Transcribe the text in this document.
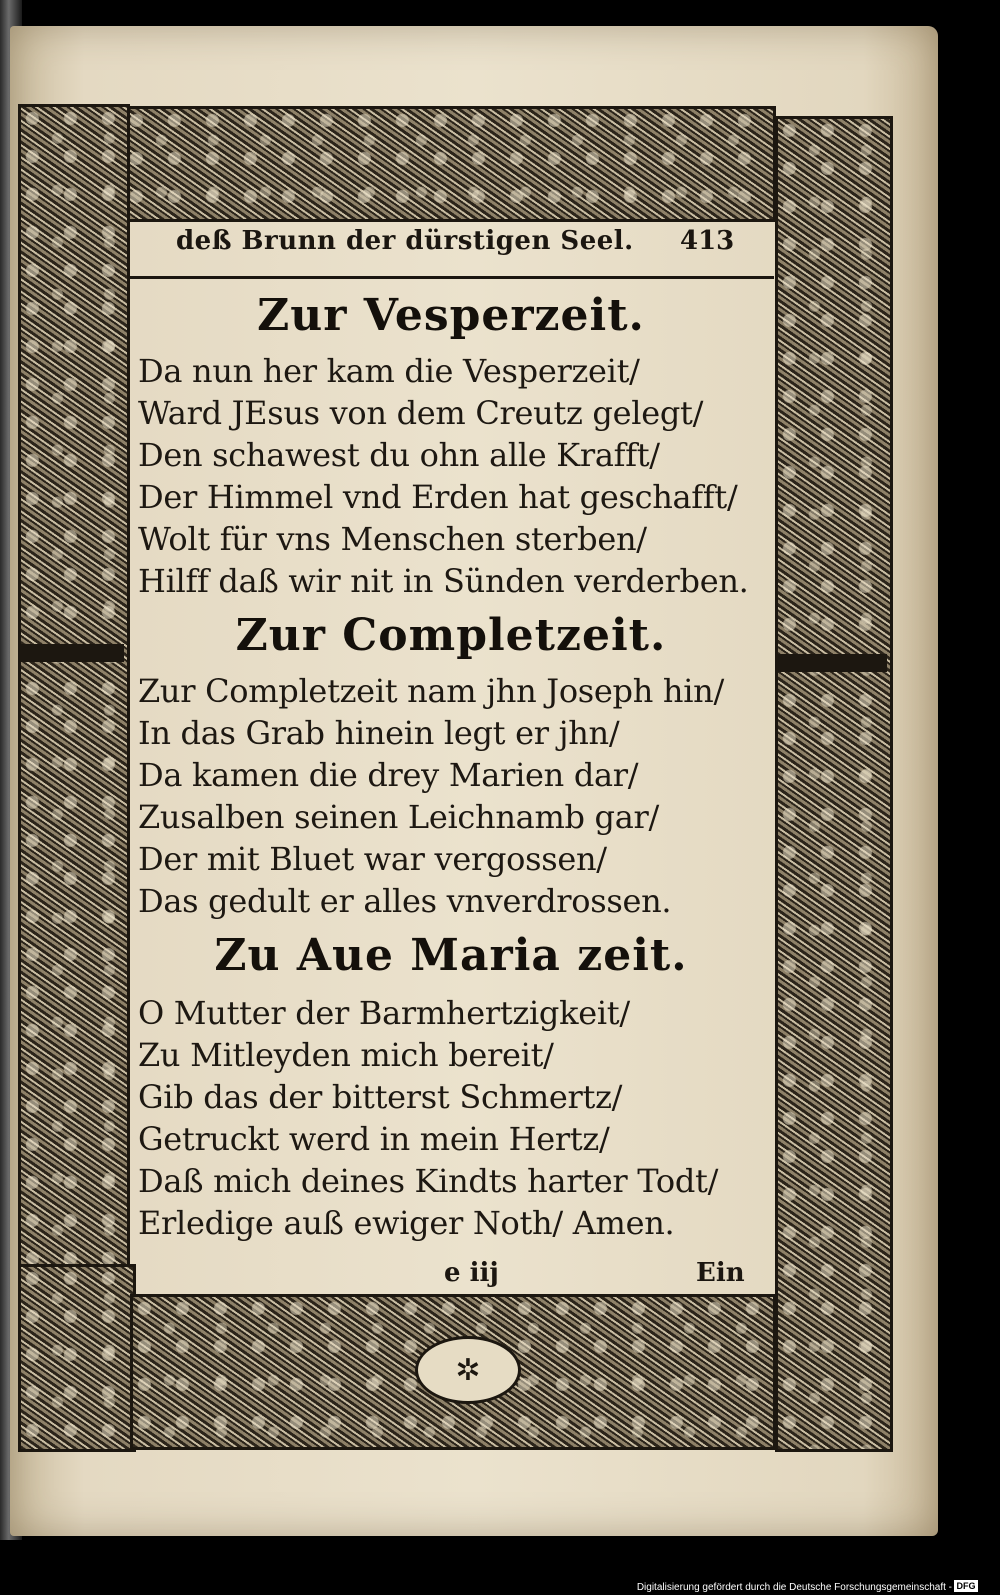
✲
deß Brunn der dürstigen Seel.	413
Zur Vesperzeit.
Da nun her kam die Vesperzeit/
Ward JEsus von dem Creutz gelegt/
Den schawest du ohn alle Krafft/
Der Himmel vnd Erden hat geschafft/
Wolt für vns Menschen sterben/
Hilff daß wir nit in Sünden verderben.
Zur Completzeit.
Zur Completzeit nam jhn Joseph hin/
In das Grab hinein legt er jhn/
Da kamen die drey Marien dar/
Zusalben seinen Leichnamb gar/
Der mit Bluet war vergossen/
Das gedult er alles vnverdrossen.
Zu Aue Maria zeit.
O Mutter der Barmhertzigkeit/
Zu Mitleyden mich bereit/
Gib das der bitterst Schmertz/
Getruckt werd in mein Hertz/
Daß mich deines Kindts harter Todt/
Erledige auß ewiger Noth/ Amen.
e iij	Ein
Digitalisierung gefördert durch die Deutsche Forschungsgemeinschaft - DFG
